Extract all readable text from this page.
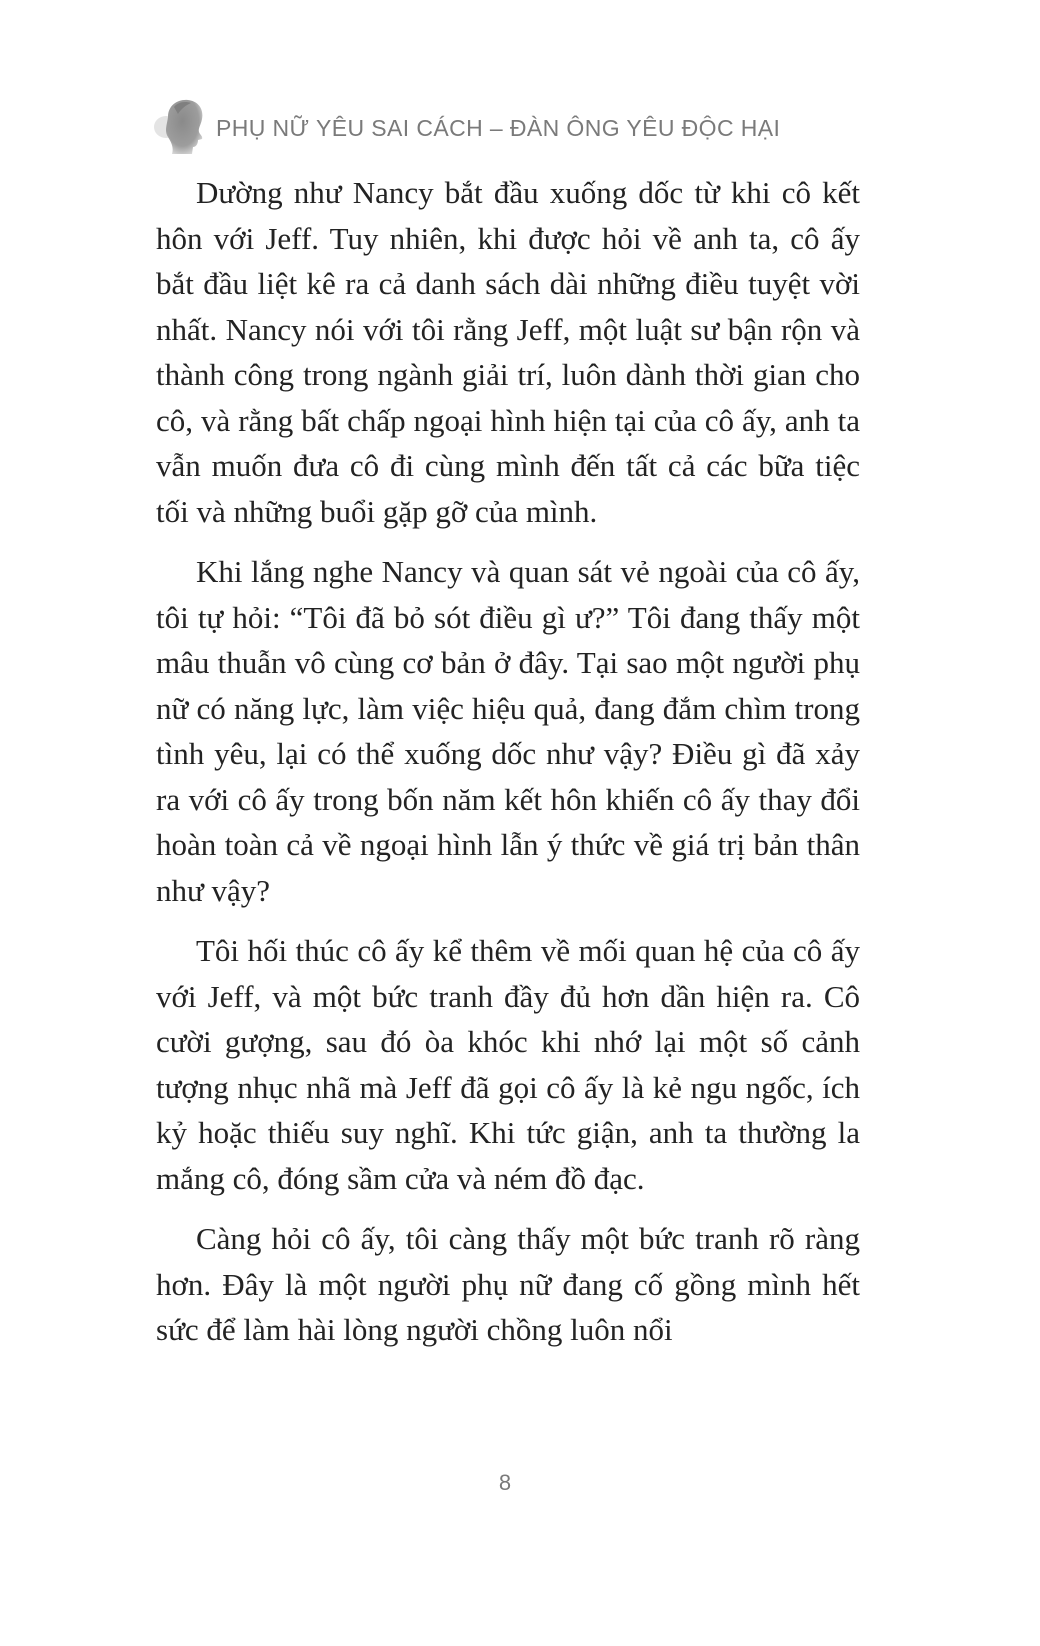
PHỤ NỮ YÊU SAI CÁCH – ĐÀN ÔNG YÊU ĐỘC HẠI

Dường như Nancy bắt đầu xuống dốc từ khi cô kết hôn với Jeff. Tuy nhiên, khi được hỏi về anh ta, cô ấy bắt đầu liệt kê ra cả danh sách dài những điều tuyệt vời nhất. Nancy nói với tôi rằng Jeff, một luật sư bận rộn và thành công trong ngành giải trí, luôn dành thời gian cho cô, và rằng bất chấp ngoại hình hiện tại của cô ấy, anh ta vẫn muốn đưa cô đi cùng mình đến tất cả các bữa tiệc tối và những buổi gặp gỡ của mình.

Khi lắng nghe Nancy và quan sát vẻ ngoài của cô ấy, tôi tự hỏi: “Tôi đã bỏ sót điều gì ư?” Tôi đang thấy một mâu thuẫn vô cùng cơ bản ở đây. Tại sao một người phụ nữ có năng lực, làm việc hiệu quả, đang đắm chìm trong tình yêu, lại có thể xuống dốc như vậy? Điều gì đã xảy ra với cô ấy trong bốn năm kết hôn khiến cô ấy thay đổi hoàn toàn cả về ngoại hình lẫn ý thức về giá trị bản thân như vậy?

Tôi hối thúc cô ấy kể thêm về mối quan hệ của cô ấy với Jeff, và một bức tranh đầy đủ hơn dần hiện ra. Cô cười gượng, sau đó òa khóc khi nhớ lại một số cảnh tượng nhục nhã mà Jeff đã gọi cô ấy là kẻ ngu ngốc, ích kỷ hoặc thiếu suy nghĩ. Khi tức giận, anh ta thường la mắng cô, đóng sầm cửa và ném đồ đạc.

Càng hỏi cô ấy, tôi càng thấy một bức tranh rõ ràng hơn. Đây là một người phụ nữ đang cố gồng mình hết sức để làm hài lòng người chồng luôn nổi

8
